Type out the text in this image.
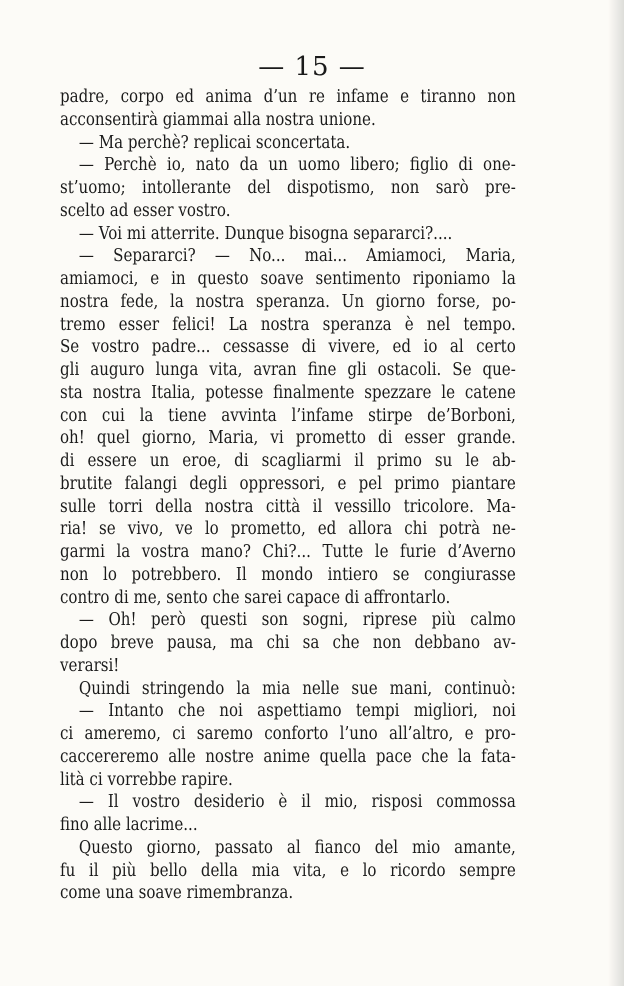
— 15 —
padre, corpo ed anima d’un re infame e tiranno non
acconsentirà giammai alla nostra unione.
— Ma perchè? replicai sconcertata.
— Perchè io, nato da un uomo libero; figlio di one-
st’uomo; intollerante del dispotismo, non sarò pre-
scelto ad esser vostro.
— Voi mi atterrite. Dunque bisogna separarci?....
— Separarci? — No... mai... Amiamoci, Maria,
amiamoci, e in questo soave sentimento riponiamo la
nostra fede, la nostra speranza. Un giorno forse, po-
tremo esser felici! La nostra speranza è nel tempo.
Se vostro padre... cessasse di vivere, ed io al certo
gli auguro lunga vita, avran fine gli ostacoli. Se que-
sta nostra Italia, potesse finalmente spezzare le catene
con cui la tiene avvinta l’infame stirpe de’Borboni,
oh! quel giorno, Maria, vi prometto di esser grande.
di essere un eroe, di scagliarmi il primo su le ab-
brutite falangi degli oppressori, e pel primo piantare
sulle torri della nostra città il vessillo tricolore. Ma-
ria! se vivo, ve lo prometto, ed allora chi potrà ne-
garmi la vostra mano? Chi?... Tutte le furie d’Averno
non lo potrebbero. Il mondo intiero se congiurasse
contro di me, sento che sarei capace di affrontarlo.
— Oh! però questi son sogni, riprese più calmo
dopo breve pausa, ma chi sa che non debbano av-
verarsi!
Quindi stringendo la mia nelle sue mani, continuò:
— Intanto che noi aspettiamo tempi migliori, noi
ci ameremo, ci saremo conforto l’uno all’altro, e pro-
caccereremo alle nostre anime quella pace che la fata-
lità ci vorrebbe rapire.
— Il vostro desiderio è il mio, risposi commossa
fino alle lacrime...
Questo giorno, passato al fianco del mio amante,
fu il più bello della mia vita, e lo ricordo sempre
come una soave rimembranza.
